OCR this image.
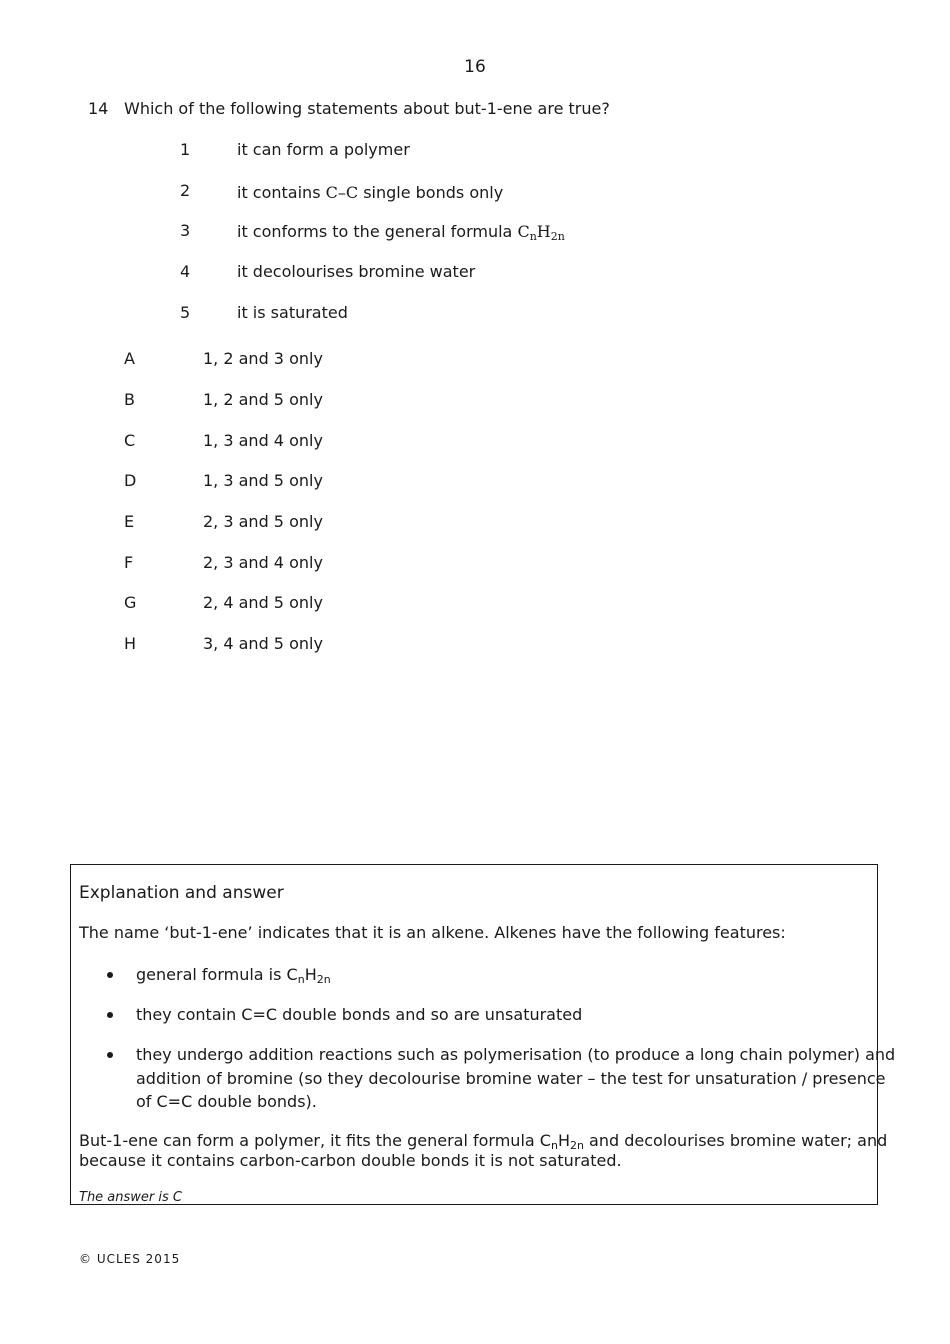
16
14 Which of the following statements about but-1-ene are true?
1	it can form a polymer
2	it contains C–C single bonds only
3	it conforms to the general formula $C_nH_{2n}$
4	it decolourises bromine water
5	it is saturated
A	1, 2 and 3 only
B	1, 2 and 5 only
C	1, 3 and 4 only
D	1, 3 and 5 only
E	2, 3 and 5 only
F	2, 3 and 4 only
G	2, 4 and 5 only
H	3, 4 and 5 only
Explanation and answer
The name ‘but-1-ene’ indicates that it is an alkene. Alkenes have the following features:
general formula is $C_nH_{2n}$
they contain C=C double bonds and so are unsaturated
they undergo addition reactions such as polymerisation (to produce a long chain polymer) and
addition of bromine (so they decolourise bromine water – the test for unsaturation / presence
of C=C double bonds).
But-1-ene can form a polymer, it fits the general formula $C_nH_{2n}$ and decolourises bromine water; and
because it contains carbon-carbon double bonds it is not saturated.
The answer is C
© UCLES 2015
